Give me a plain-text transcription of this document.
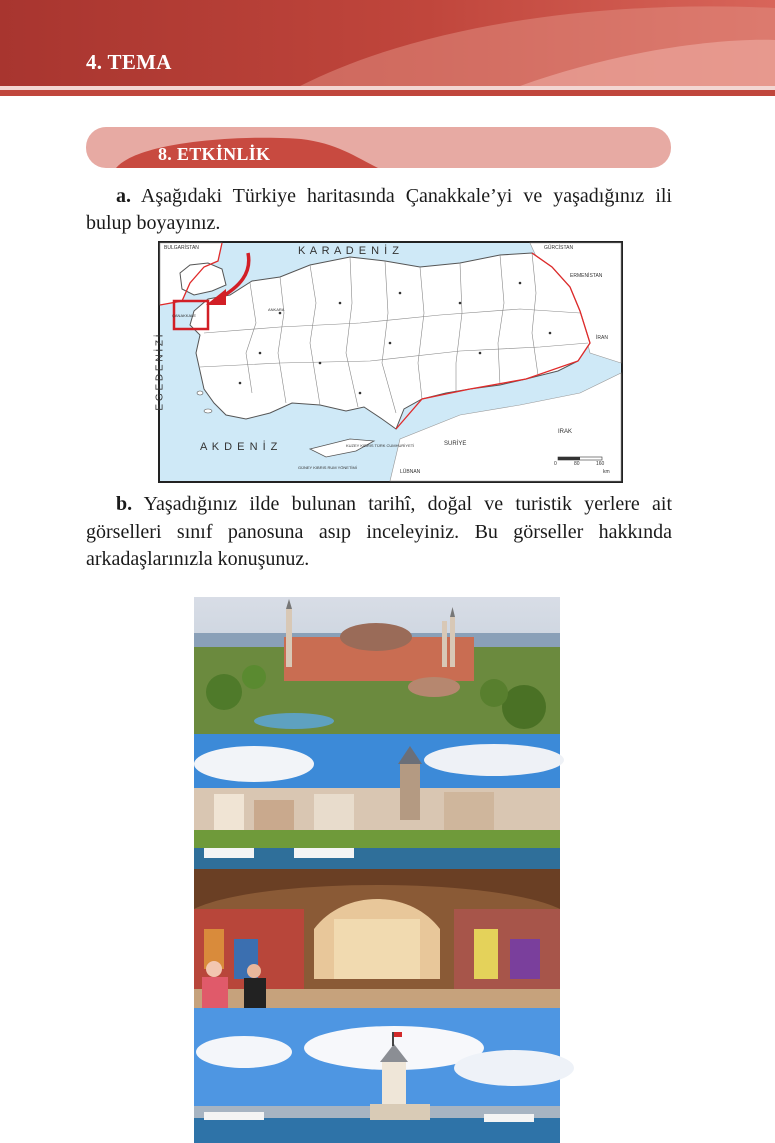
4. TEMA
8. ETKİNLİK
a. Aşağıdaki Türkiye haritasında Çanakkale’yi ve yaşadığınız ili bulup boyayınız.
K A R A D E N İ Z
A K D E N İ Z
E G E D E N İ Z İ
BULGARİSTAN	GÜRCİSTAN
ERMENİSTAN
İRAN
IRAK
SURİYE
LÜBNAN
KUZEY KIBRIS TÜRK CUMHURİYETİ
GÜNEY KIBRIS RUM YÖNETİMİ
ÇANAKKALE
ANKARA
0	80	160
km
b. Yaşadığınız ilde bulunan tarihî, doğal ve turistik yerlere ait görselleri sınıf panosuna asıp inceleyiniz. Bu görseller hakkında arkadaşlarınızla konuşunuz.
